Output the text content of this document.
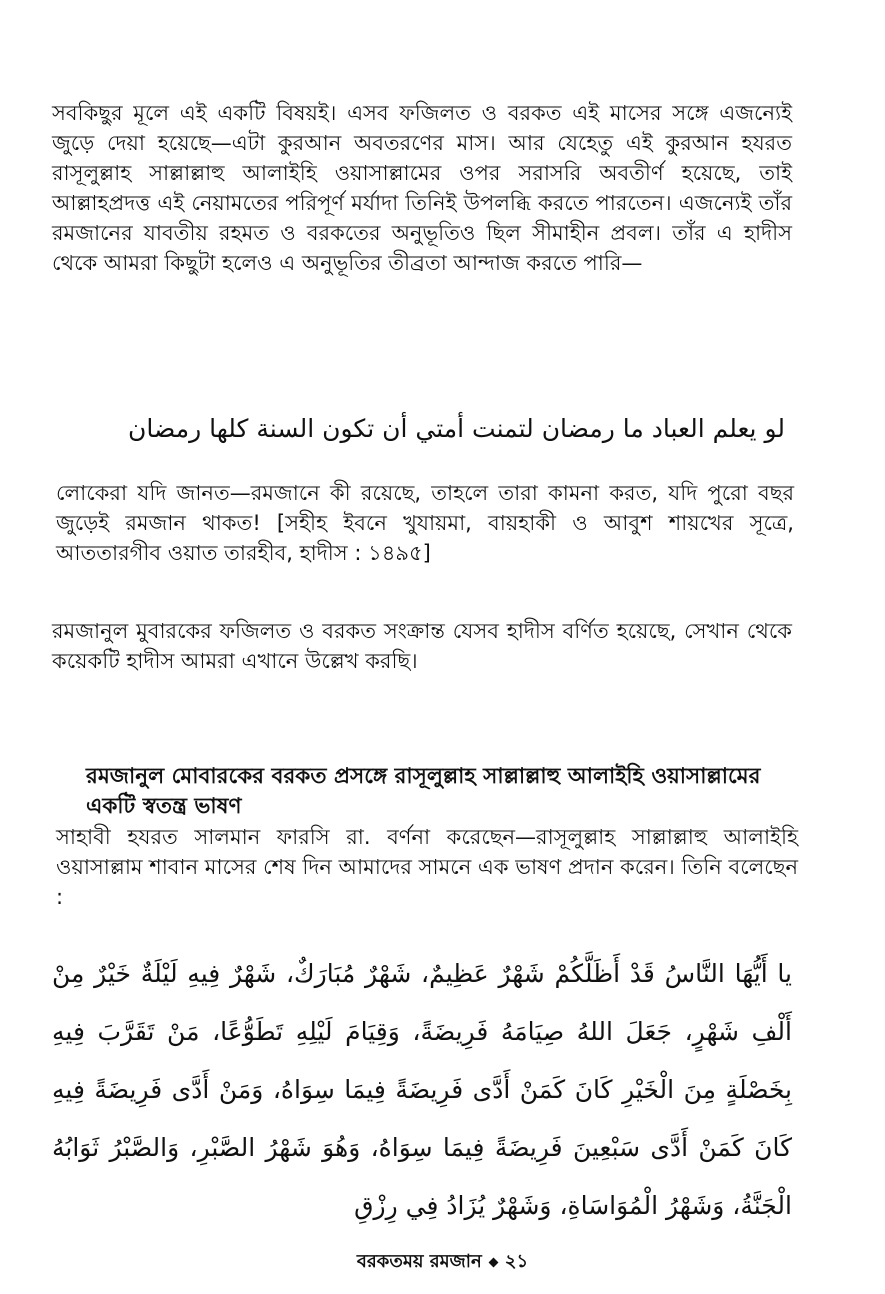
সবকিছুর মূলে এই একটি বিষয়ই। এসব ফজিলত ও বরকত এই মাসের সঙ্গে এজন্যেই জুড়ে দেয়া হয়েছে—এটা কুরআন অবতরণের মাস। আর যেহেতু এই কুরআন হযরত রাসূলুল্লাহ সাল্লাল্লাহু আলাইহি ওয়াসাল্লামের ওপর সরাসরি অবতীর্ণ হয়েছে, তাই আল্লাহপ্রদত্ত এই নেয়ামতের পরিপূর্ণ মর্যাদা তিনিই উপলব্ধি করতে পারতেন। এজন্যেই তাঁর রমজানের যাবতীয় রহমত ও বরকতের অনুভূতিও ছিল সীমাহীন প্রবল। তাঁর এ হাদীস থেকে আমরা কিছুটা হলেও এ অনুভূতির তীব্রতা আন্দাজ করতে পারি—

لو يعلم العباد ما رمضان لتمنت أمتي أن تكون السنة كلها رمضان

লোকেরা যদি জানত—রমজানে কী রয়েছে, তাহলে তারা কামনা করত, যদি পুরো বছর জুড়েই রমজান থাকত! [সহীহ ইবনে খুযায়মা, বায়হাকী ও আবুশ শায়খের সূত্রে, আততারগীব ওয়াত তারহীব, হাদীস : ১৪৯৫]

রমজানুল মুবারকের ফজিলত ও বরকত সংক্রান্ত যেসব হাদীস বর্ণিত হয়েছে, সেখান থেকে কয়েকটি হাদীস আমরা এখানে উল্লেখ করছি।

রমজানুল মোবারকের বরকত প্রসঙ্গে রাসূলুল্লাহ সাল্লাল্লাহু আলাইহি ওয়াসাল্লামের একটি স্বতন্ত্র ভাষণ

সাহাবী হযরত সালমান ফারসি রা. বর্ণনা করেছেন—রাসূলুল্লাহ সাল্লাল্লাহু আলাইহি ওয়াসাল্লাম শাবান মাসের শেষ দিন আমাদের সামনে এক ভাষণ প্রদান করেন। তিনি বলেছেন :

يا أَيُّهَا النَّاسُ قَدْ أَظَلَّكُمْ شَهْرٌ عَظِيمٌ، شَهْرٌ مُبَارَكٌ، شَهْرٌ فِيهِ لَيْلَةٌ خَيْرٌ مِنْ أَلْفِ شَهْرٍ، جَعَلَ اللهُ صِيَامَهُ فَرِيضَةً، وَقِيَامَ لَيْلِهِ تَطَوُّعًا، مَنْ تَقَرَّبَ فِيهِ بِخَصْلَةٍ مِنَ الْخَيْرِ كَانَ كَمَنْ أَدَّى فَرِيضَةً فِيمَا سِوَاهُ، وَمَنْ أَدَّى فَرِيضَةً فِيهِ كَانَ كَمَنْ أَدَّى سَبْعِينَ فَرِيضَةً فِيمَا سِوَاهُ، وَهُوَ شَهْرُ الصَّبْرِ، وَالصَّبْرُ ثَوَابُهُ الْجَنَّةُ، وَشَهْرُ الْمُوَاسَاةِ، وَشَهْرٌ يُزَادُ فِي رِزْقِ

বরকতময় রমজান ২১
